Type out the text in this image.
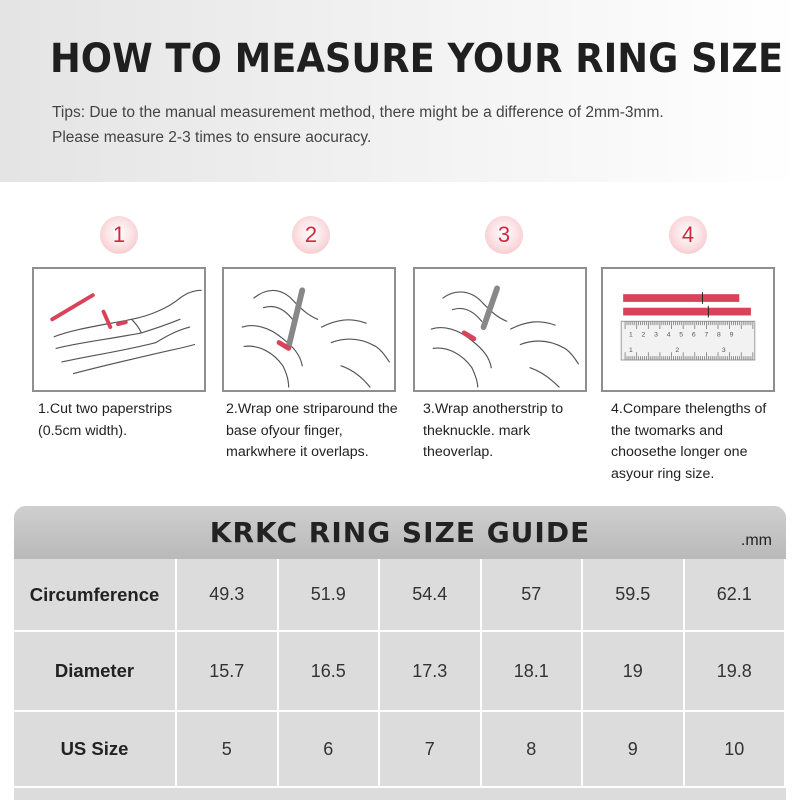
HOW TO MEASURE YOUR RING SIZE
Tips: Due to the manual measurement method, there might be a difference of 2mm-3mm.
Please measure 2-3 times to ensure aocuracy.
1
1.Cut two paperstrips (0.5cm width).
2
2.Wrap one striparound the base ofyour finger, markwhere it overlaps.
3
3.Wrap anotherstrip to theknuckle. mark theoverlap.
4
1 2 3 4 5 6 7 8 9
1	2	3
4.Compare thelengths of the twomarks and choosethe longer one asyour ring size.
KRKC RING SIZE GUIDE	.mm
Circumference	49.3	51.9	54.4	57	59.5	62.1
Diameter	15.7	16.5	17.3	18.1	19	19.8
US Size	5	6	7	8	9	10
